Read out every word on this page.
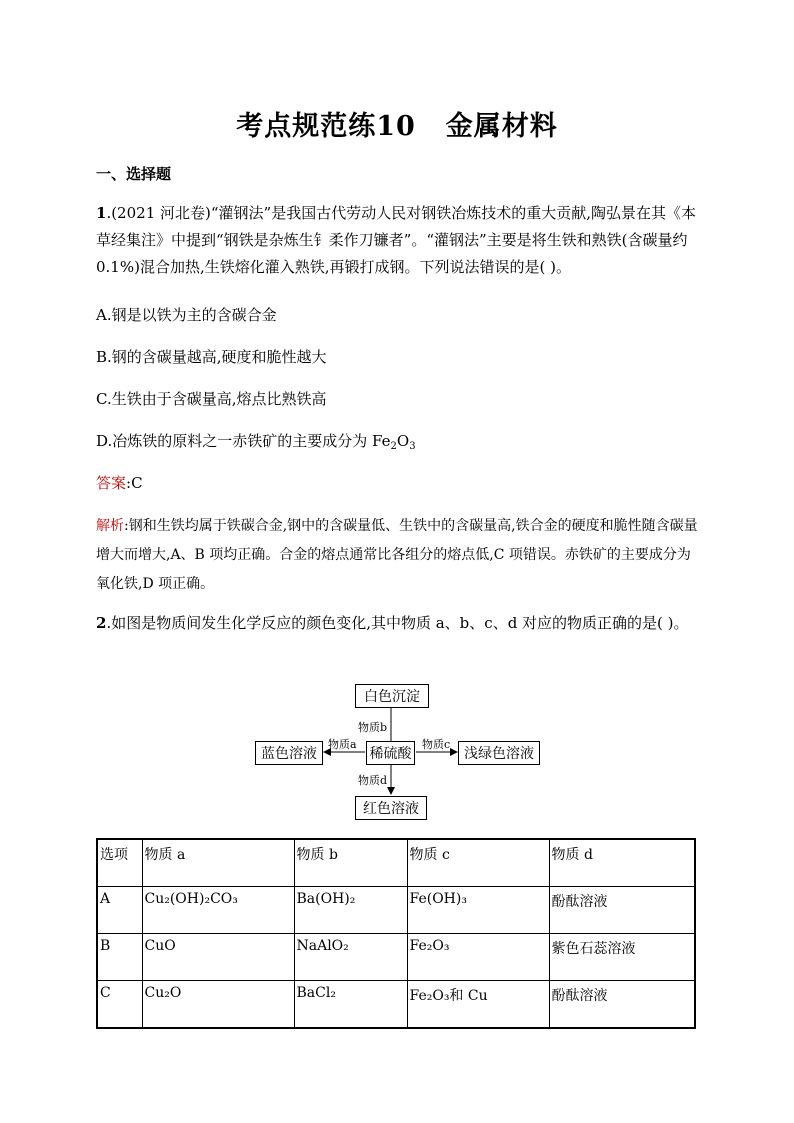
考点规范练10 金属材料
一、选择题
1.(2021 河北卷)“灌钢法”是我国古代劳动人民对钢铁冶炼技术的重大贡献,陶弘景在其《本草经集注》中提到“钢铁是杂炼生钅柔作刀镰者”。“灌钢法”主要是将生铁和熟铁(含碳量约 0.1%)混合加热,生铁熔化灌入熟铁,再锻打成钢。下列说法错误的是( )。
A.钢是以铁为主的含碳合金
B.钢的含碳量越高,硬度和脆性越大
C.生铁由于含碳量高,熔点比熟铁高
D.冶炼铁的原料之一赤铁矿的主要成分为 $Fe_2O_3$
答案:C
解析:钢和生铁均属于铁碳合金,钢中的含碳量低、生铁中的含碳量高,铁合金的硬度和脆性随含碳量增大而增大,A、B 项均正确。合金的熔点通常比各组分的熔点低,C 项错误。赤铁矿的主要成分为氧化铁,D 项正确。
2.如图是物质间发生化学反应的颜色变化,其中物质 a、b、c、d 对应的物质正确的是( )。
白色沉淀
蓝色溶液	稀硫酸	浅绿色溶液
红色溶液
物质b
物质a	物质c
物质d
选项	物质 a	物质 b	物质 c	物质 d
A	Cu₂(OH)₂CO₃	Ba(OH)₂	Fe(OH)₃	酚酞溶液
B	CuO	NaAlO₂	Fe₂O₃	紫色石蕊溶液
C	Cu₂O	BaCl₂	Fe₂O₃和 Cu	酚酞溶液
